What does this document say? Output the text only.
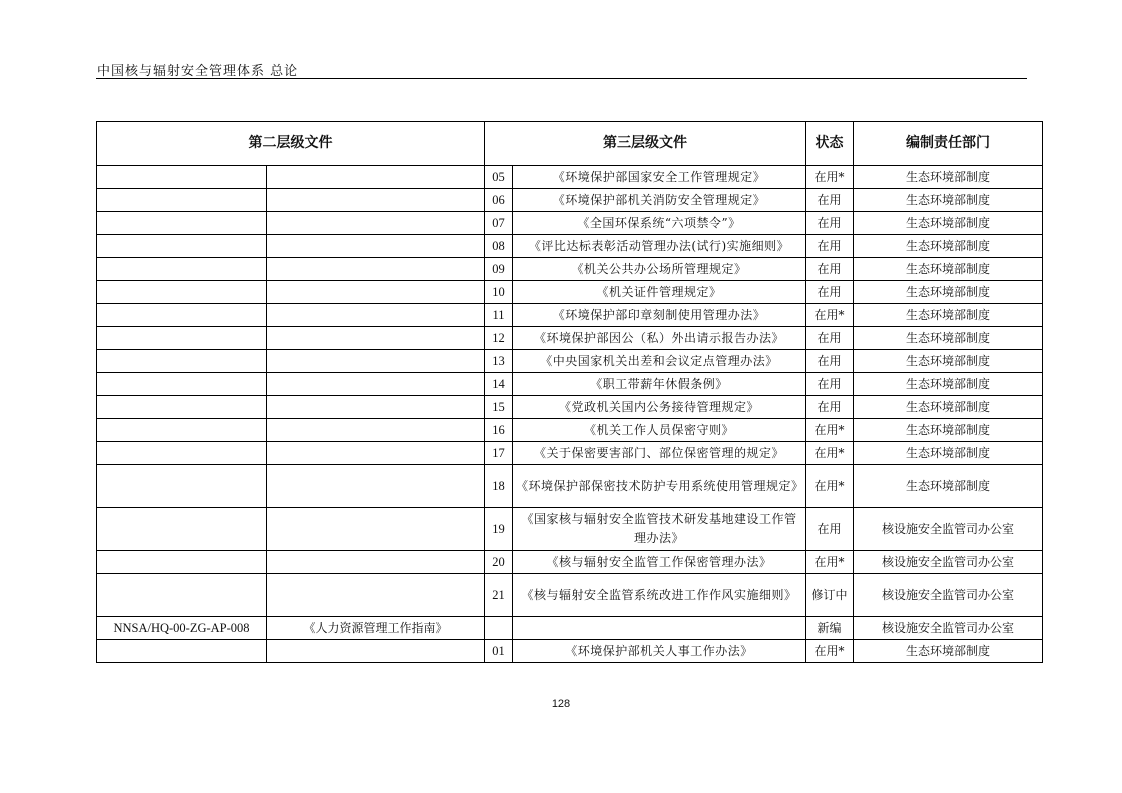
中国核与辐射安全管理体系 总论
第二层级文件		第三层级文件		状态	编制责任部门
		05	《环境保护部国家安全工作管理规定》	在用*	生态环境部制度
		06	《环境保护部机关消防安全管理规定》	在用	生态环境部制度
		07	《全国环保系统“六项禁令”》	在用	生态环境部制度
		08	《评比达标表彰活动管理办法(试行)实施细则》	在用	生态环境部制度
		09	《机关公共办公场所管理规定》	在用	生态环境部制度
		10	《机关证件管理规定》	在用	生态环境部制度
		11	《环境保护部印章刻制使用管理办法》	在用*	生态环境部制度
		12	《环境保护部因公（私）外出请示报告办法》	在用	生态环境部制度
		13	《中央国家机关出差和会议定点管理办法》	在用	生态环境部制度
		14	《职工带薪年休假条例》	在用	生态环境部制度
		15	《党政机关国内公务接待管理规定》	在用	生态环境部制度
		16	《机关工作人员保密守则》	在用*	生态环境部制度
		17	《关于保密要害部门、部位保密管理的规定》	在用*	生态环境部制度
		18	《环境保护部保密技术防护专用系统使用管理规定》	在用*	生态环境部制度
		19	《国家核与辐射安全监管技术研发基地建设工作管理办法》	在用	核设施安全监管司办公室
		20	《核与辐射安全监管工作保密管理办法》	在用*	核设施安全监管司办公室
		21	《核与辐射安全监管系统改进工作作风实施细则》	修订中	核设施安全监管司办公室
NNSA/HQ-00-ZG-AP-008	《人力资源管理工作指南》			新编	核设施安全监管司办公室
		01	《环境保护部机关人事工作办法》	在用*	生态环境部制度
128
